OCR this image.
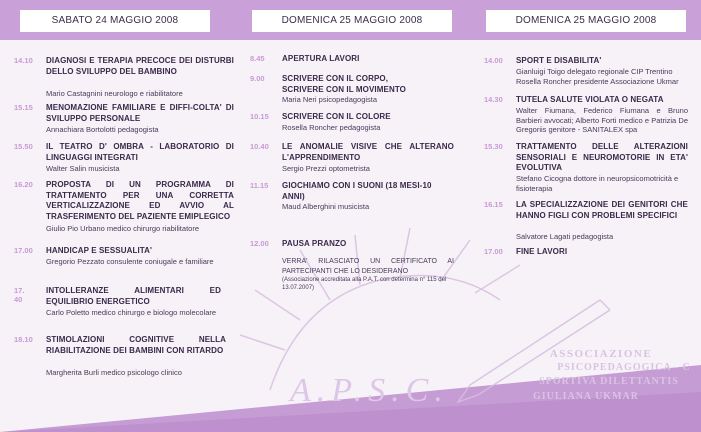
SABATO 24 MAGGIO 2008	DOMENICA 25 MAGGIO 2008	DOMENICA 25 MAGGIO 2008
14.10 DIAGNOSI E TERAPIA PRECOCE DEI DISTURBI DELLO SVILUPPO DEL BAMBINO
Mario Castagnini neurologo e riabilitatore
15.15 MENOMAZIONE FAMILIARE E DIFFI-COLTA' DI SVILUPPO PERSONALE
Annachiara Bortolotti pedagogista
15.50 IL TEATRO D' OMBRA - LABORATORIO DI LINGUAGGI INTEGRATI
Walter Salin musicista
16.20 PROPOSTA DI UN PROGRAMMA DI TRATTAMENTO PER UNA CORRETTA VERTICALIZZAZIONE ED AVVIO AL TRASFERIMENTO DEL PAZIENTE EMIPLEGICO
Giulio Pio Urbano medico chirurgo riabilitatore
17.00 HANDICAP E SESSUALITA'
Gregorio Pezzato consulente coniugale e familiare
17. 40
INTOLLERANZE ALIMENTARI ED EQUILIBRIO ENERGETICO
Carlo Poletto medico chirurgo e biologo molecolare
18.10 STIMOLAZIONI COGNITIVE NELLA RIABILITAZIONE DEI BAMBINI CON RITARDO
Margherita Burli medico psicologo clinico
8.45 APERTURA LAVORI
9.00 SCRIVERE CON IL CORPO, SCRIVERE CON IL MOVIMENTO
Maria Neri psicopedagogista
10.15 SCRIVERE CON IL COLORE
Rosella Roncher pedagogista
10.40 LE ANOMALIE VISIVE CHE ALTERANO L'APPRENDIMENTO
Sergio Prezzi optometrista
11.15 GIOCHIAMO CON I SUONI (18 MESI-10 ANNI)
Maud Alberghini musicista
12.00 PAUSA PRANZO
VERRA' RILASCIATO UN CERTIFICATO AI PARTECIPANTI CHE LO DESIDERANO
(Associazione accreditata alla P.A.T. con determina n° 115 del 13.07.2007)
14.00 SPORT E DISABILITA'
Gianluigi Toigo delegato regionale CIP Trentino Rosella Roncher presidente Associazione Ukmar
14.30 TUTELA SALUTE VIOLATA O NEGATA
Walter Fiumana, Federico Fiumana e Bruno Barbieri avvocati; Alberto Forti medico e Patrizia De Gregoriis genitore - SANITALEX spa
15.30 TRATTAMENTO DELLE ALTERAZIONI SENSORIALI E NEUROMOTORIE IN ETA' EVOLUTIVA
Stefano Cicogna dottore in neuropsicomotricità e fisioterapia
16.15 LA SPECIALIZZAZIONE DEI GENITORI CHE HANNO FIGLI CON PROBLEMI SPECIFICI
Salvatore Lagati pedagogista
17.00 FINE LAVORI
A.P.S.C.
ASSOCIAZIONE
PSICOPEDAGOGICA - C
SPORTIVA DILETTANTIS
GIULIANA UKMAR
